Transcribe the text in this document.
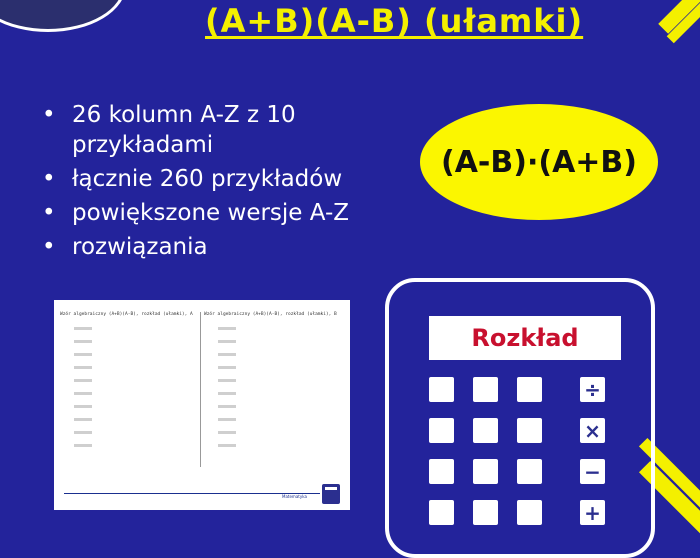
(A+B)(A-B) (ułamki)
• 26 kolumn A-Z z 10 przykładami
• łącznie 260 przykładów
• powiększone wersje A-Z
• rozwiązania
(A-B)·(A+B)
Wzór algebraiczny (A+B)(A-B), rozkład (ułamki), A Wzór algebraiczny (A+B)(A-B), rozkład (ułamki), B
Matematyka
Rozkład
÷
×
−
+
